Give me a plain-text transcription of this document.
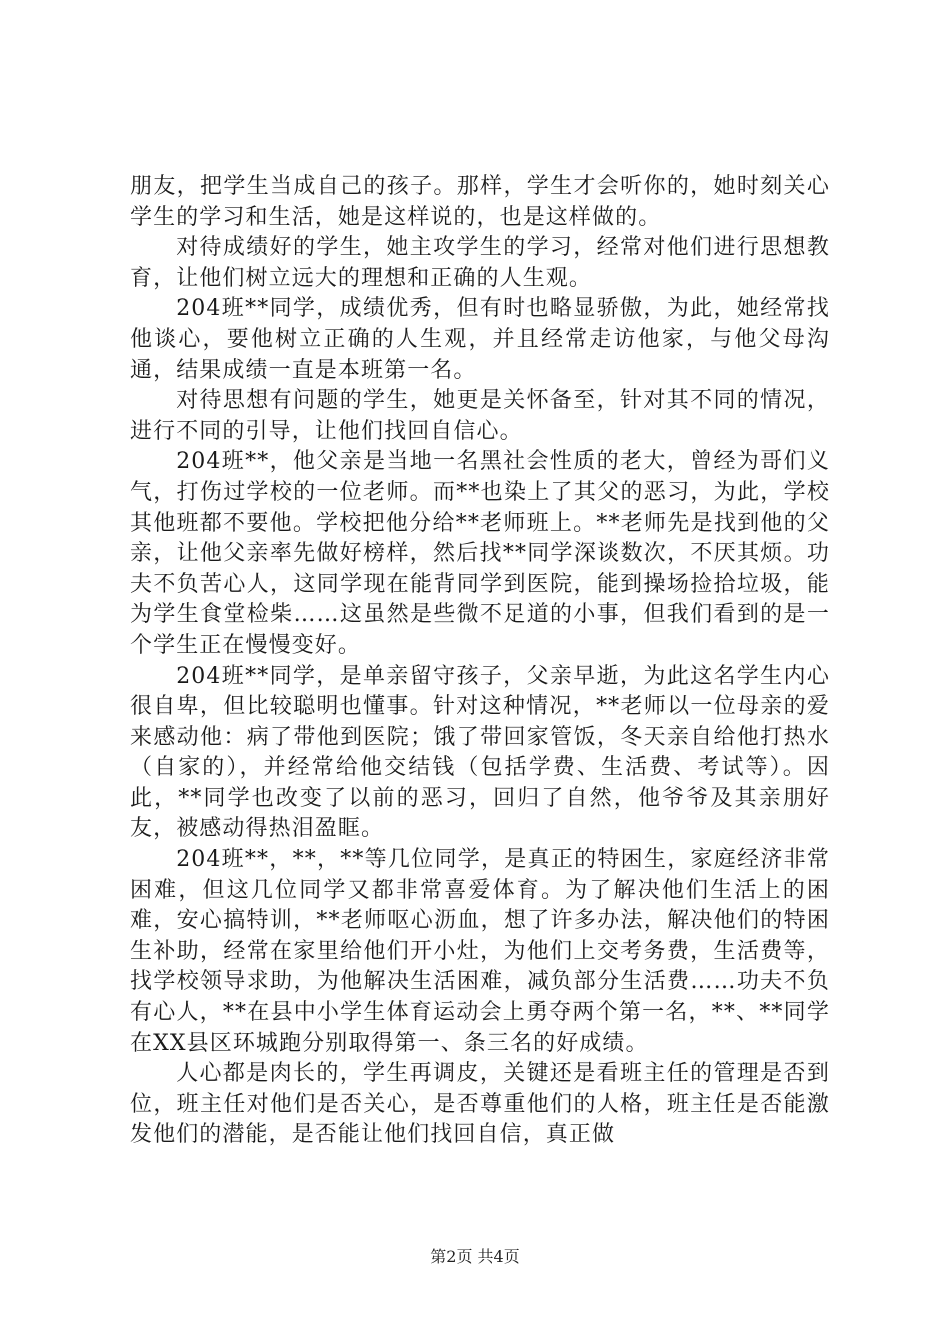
朋友，把学生当成自己的孩子。那样，学生才会听你的，她时刻关心学生的学习和生活，她是这样说的，也是这样做的。

对待成绩好的学生，她主攻学生的学习，经常对他们进行思想教育，让他们树立远大的理想和正确的人生观。

204班**同学，成绩优秀，但有时也略显骄傲，为此，她经常找他谈心，要他树立正确的人生观，并且经常走访他家，与他父母沟通，结果成绩一直是本班第一名。

对待思想有问题的学生，她更是关怀备至，针对其不同的情况，进行不同的引导，让他们找回自信心。

204班**，他父亲是当地一名黑社会性质的老大，曾经为哥们义气，打伤过学校的一位老师。而**也染上了其父的恶习，为此，学校其他班都不要他。学校把他分给**老师班上。**老师先是找到他的父亲，让他父亲率先做好榜样，然后找**同学深谈数次，不厌其烦。功夫不负苦心人，这同学现在能背同学到医院，能到操场捡拾垃圾，能为学生食堂检柴……这虽然是些微不足道的小事，但我们看到的是一个学生正在慢慢变好。

204班**同学，是单亲留守孩子，父亲早逝，为此这名学生内心很自卑，但比较聪明也懂事。针对这种情况，**老师以一位母亲的爱来感动他：病了带他到医院；饿了带回家管饭，冬天亲自给他打热水（自家的），并经常给他交结钱（包括学费、生活费、考试等）。因此，**同学也改变了以前的恶习，回归了自然，他爷爷及其亲朋好友，被感动得热泪盈眶。

204班**，**，**等几位同学，是真正的特困生，家庭经济非常困难，但这几位同学又都非常喜爱体育。为了解决他们生活上的困难，安心搞特训，**老师呕心沥血，想了许多办法，解决他们的特困生补助，经常在家里给他们开小灶，为他们上交考务费，生活费等，找学校领导求助，为他解决生活困难，减负部分生活费……功夫不负有心人，**在县中小学生体育运动会上勇夺两个第一名，**、**同学在XX县区环城跑分别取得第一、条三名的好成绩。

人心都是肉长的，学生再调皮，关键还是看班主任的管理是否到位，班主任对他们是否关心，是否尊重他们的人格，班主任是否能激发他们的潜能，是否能让他们找回自信，真正做

第2页 共4页
